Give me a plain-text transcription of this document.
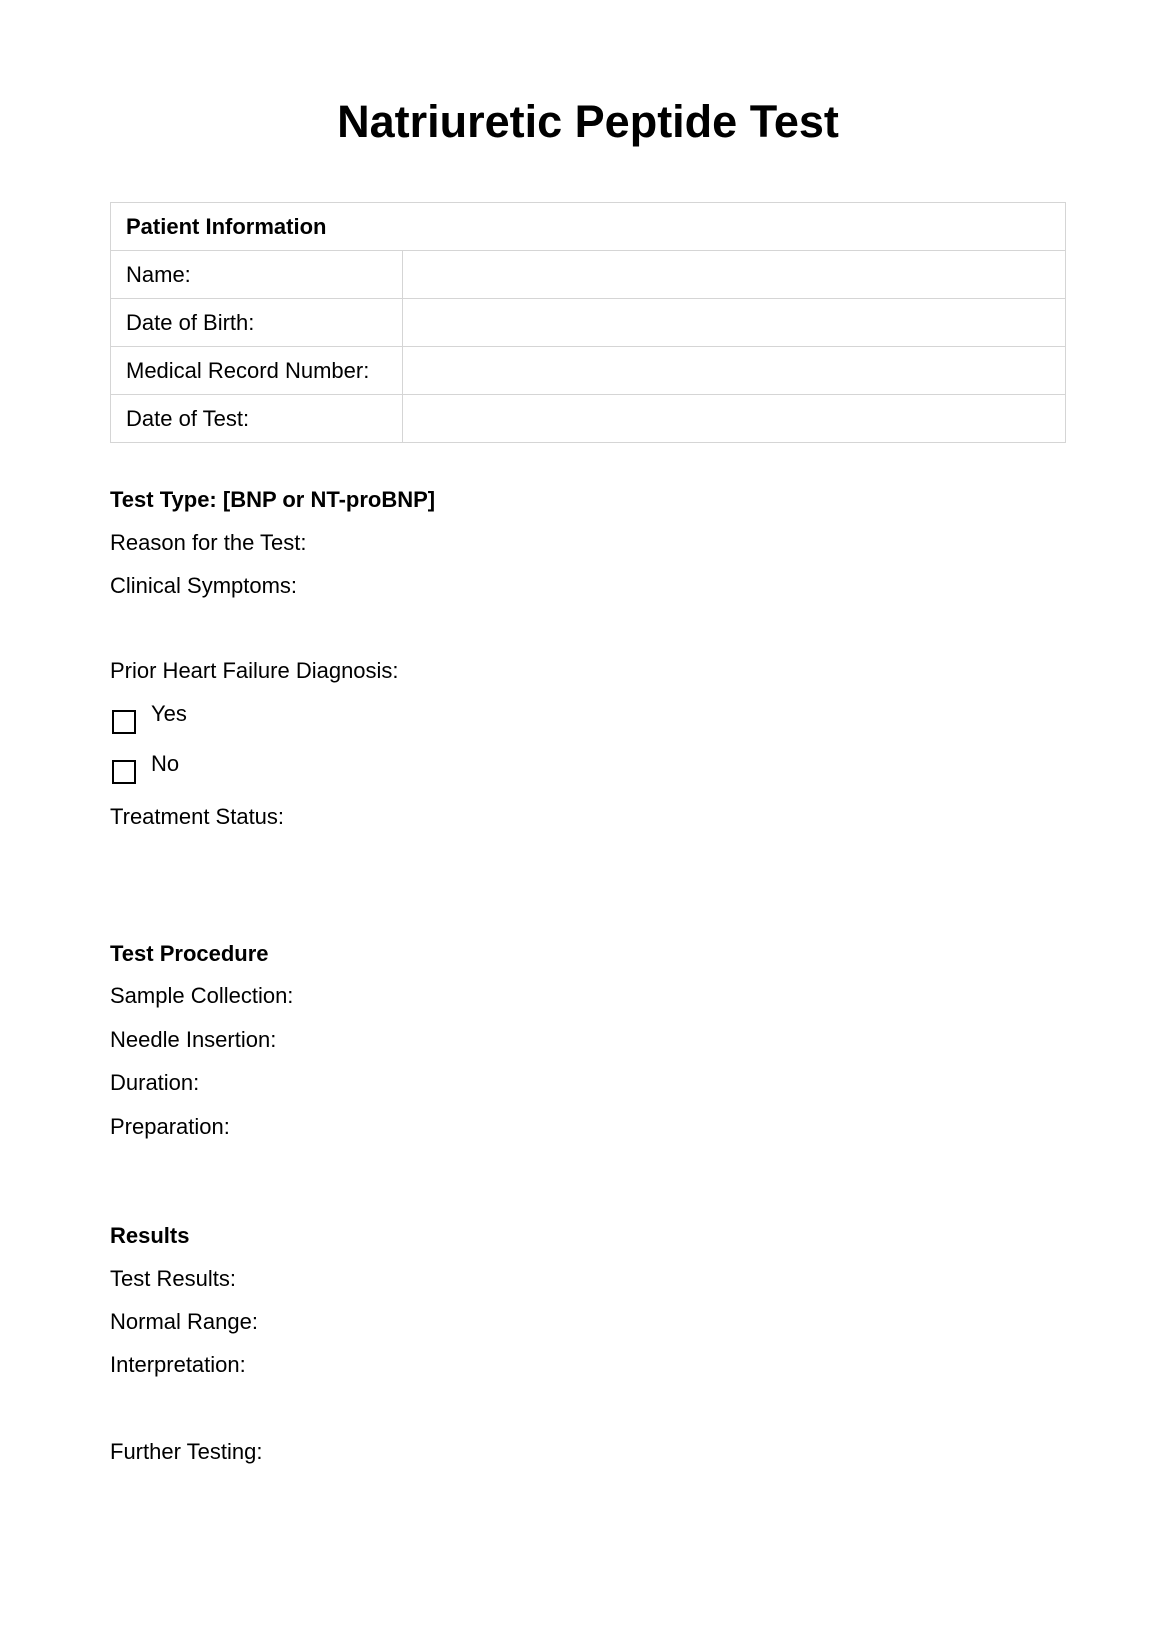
Natriuretic Peptide Test
Patient Information	
Name:	
Date of Birth:	
Medical Record Number:	
Date of Test:	
Test Type: [BNP or NT-proBNP]
Reason for the Test:
Clinical Symptoms:
Prior Heart Failure Diagnosis:
Yes
No
Treatment Status:
Test Procedure
Sample Collection:
Needle Insertion:
Duration:
Preparation:
Results
Test Results:
Normal Range:
Interpretation:
Further Testing:
